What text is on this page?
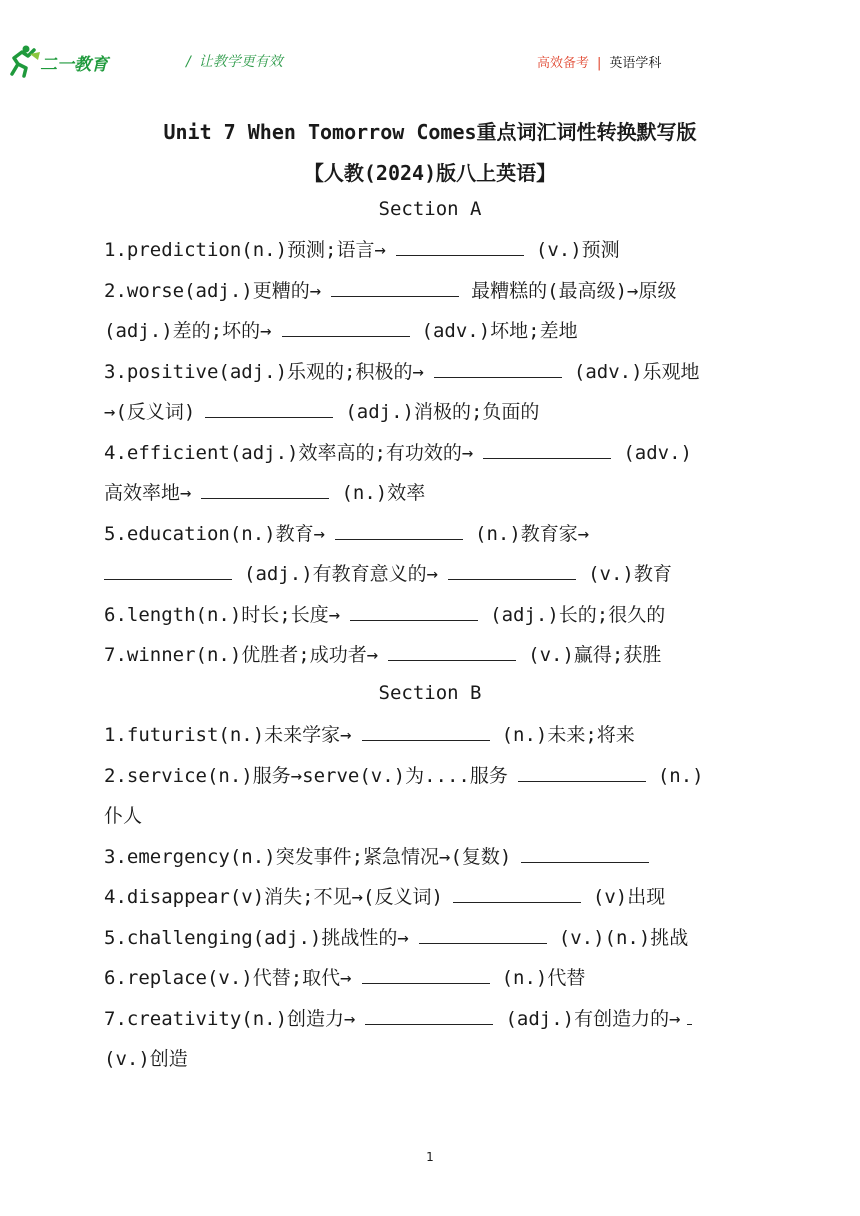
二一教育	/ 让教学更有效	高效备考 | 英语学科
Unit 7 When Tomorrow Comes重点词汇词性转换默写版
【人教(2024)版八上英语】
Section A
1.prediction(n.)预测;语言→	(v.)预测
2.worse(adj.)更糟的→	最糟糕的(最高级)→原级
(adj.)差的;坏的→	(adv.)坏地;差地
3.positive(adj.)乐观的;积极的→	(adv.)乐观地
→(反义词)	(adj.)消极的;负面的
4.efficient(adj.)效率高的;有功效的→	(adv.)
高效率地→	(n.)效率
5.education(n.)教育→	(n.)教育家→
(adj.)有教育意义的→	(v.)教育
6.length(n.)时长;长度→	(adj.)长的;很久的
7.winner(n.)优胜者;成功者→	(v.)赢得;获胜
Section B
1.futurist(n.)未来学家→	(n.)未来;将来
2.service(n.)服务→serve(v.)为....服务	(n.)
仆人
3.emergency(n.)突发事件;紧急情况→(复数)
4.disappear(v)消失;不见→(反义词)	(v)出现
5.challenging(adj.)挑战性的→	(v.)(n.)挑战
6.replace(v.)代替;取代→	(n.)代替
7.creativity(n.)创造力→	(adj.)有创造力的→
(v.)创造
1
